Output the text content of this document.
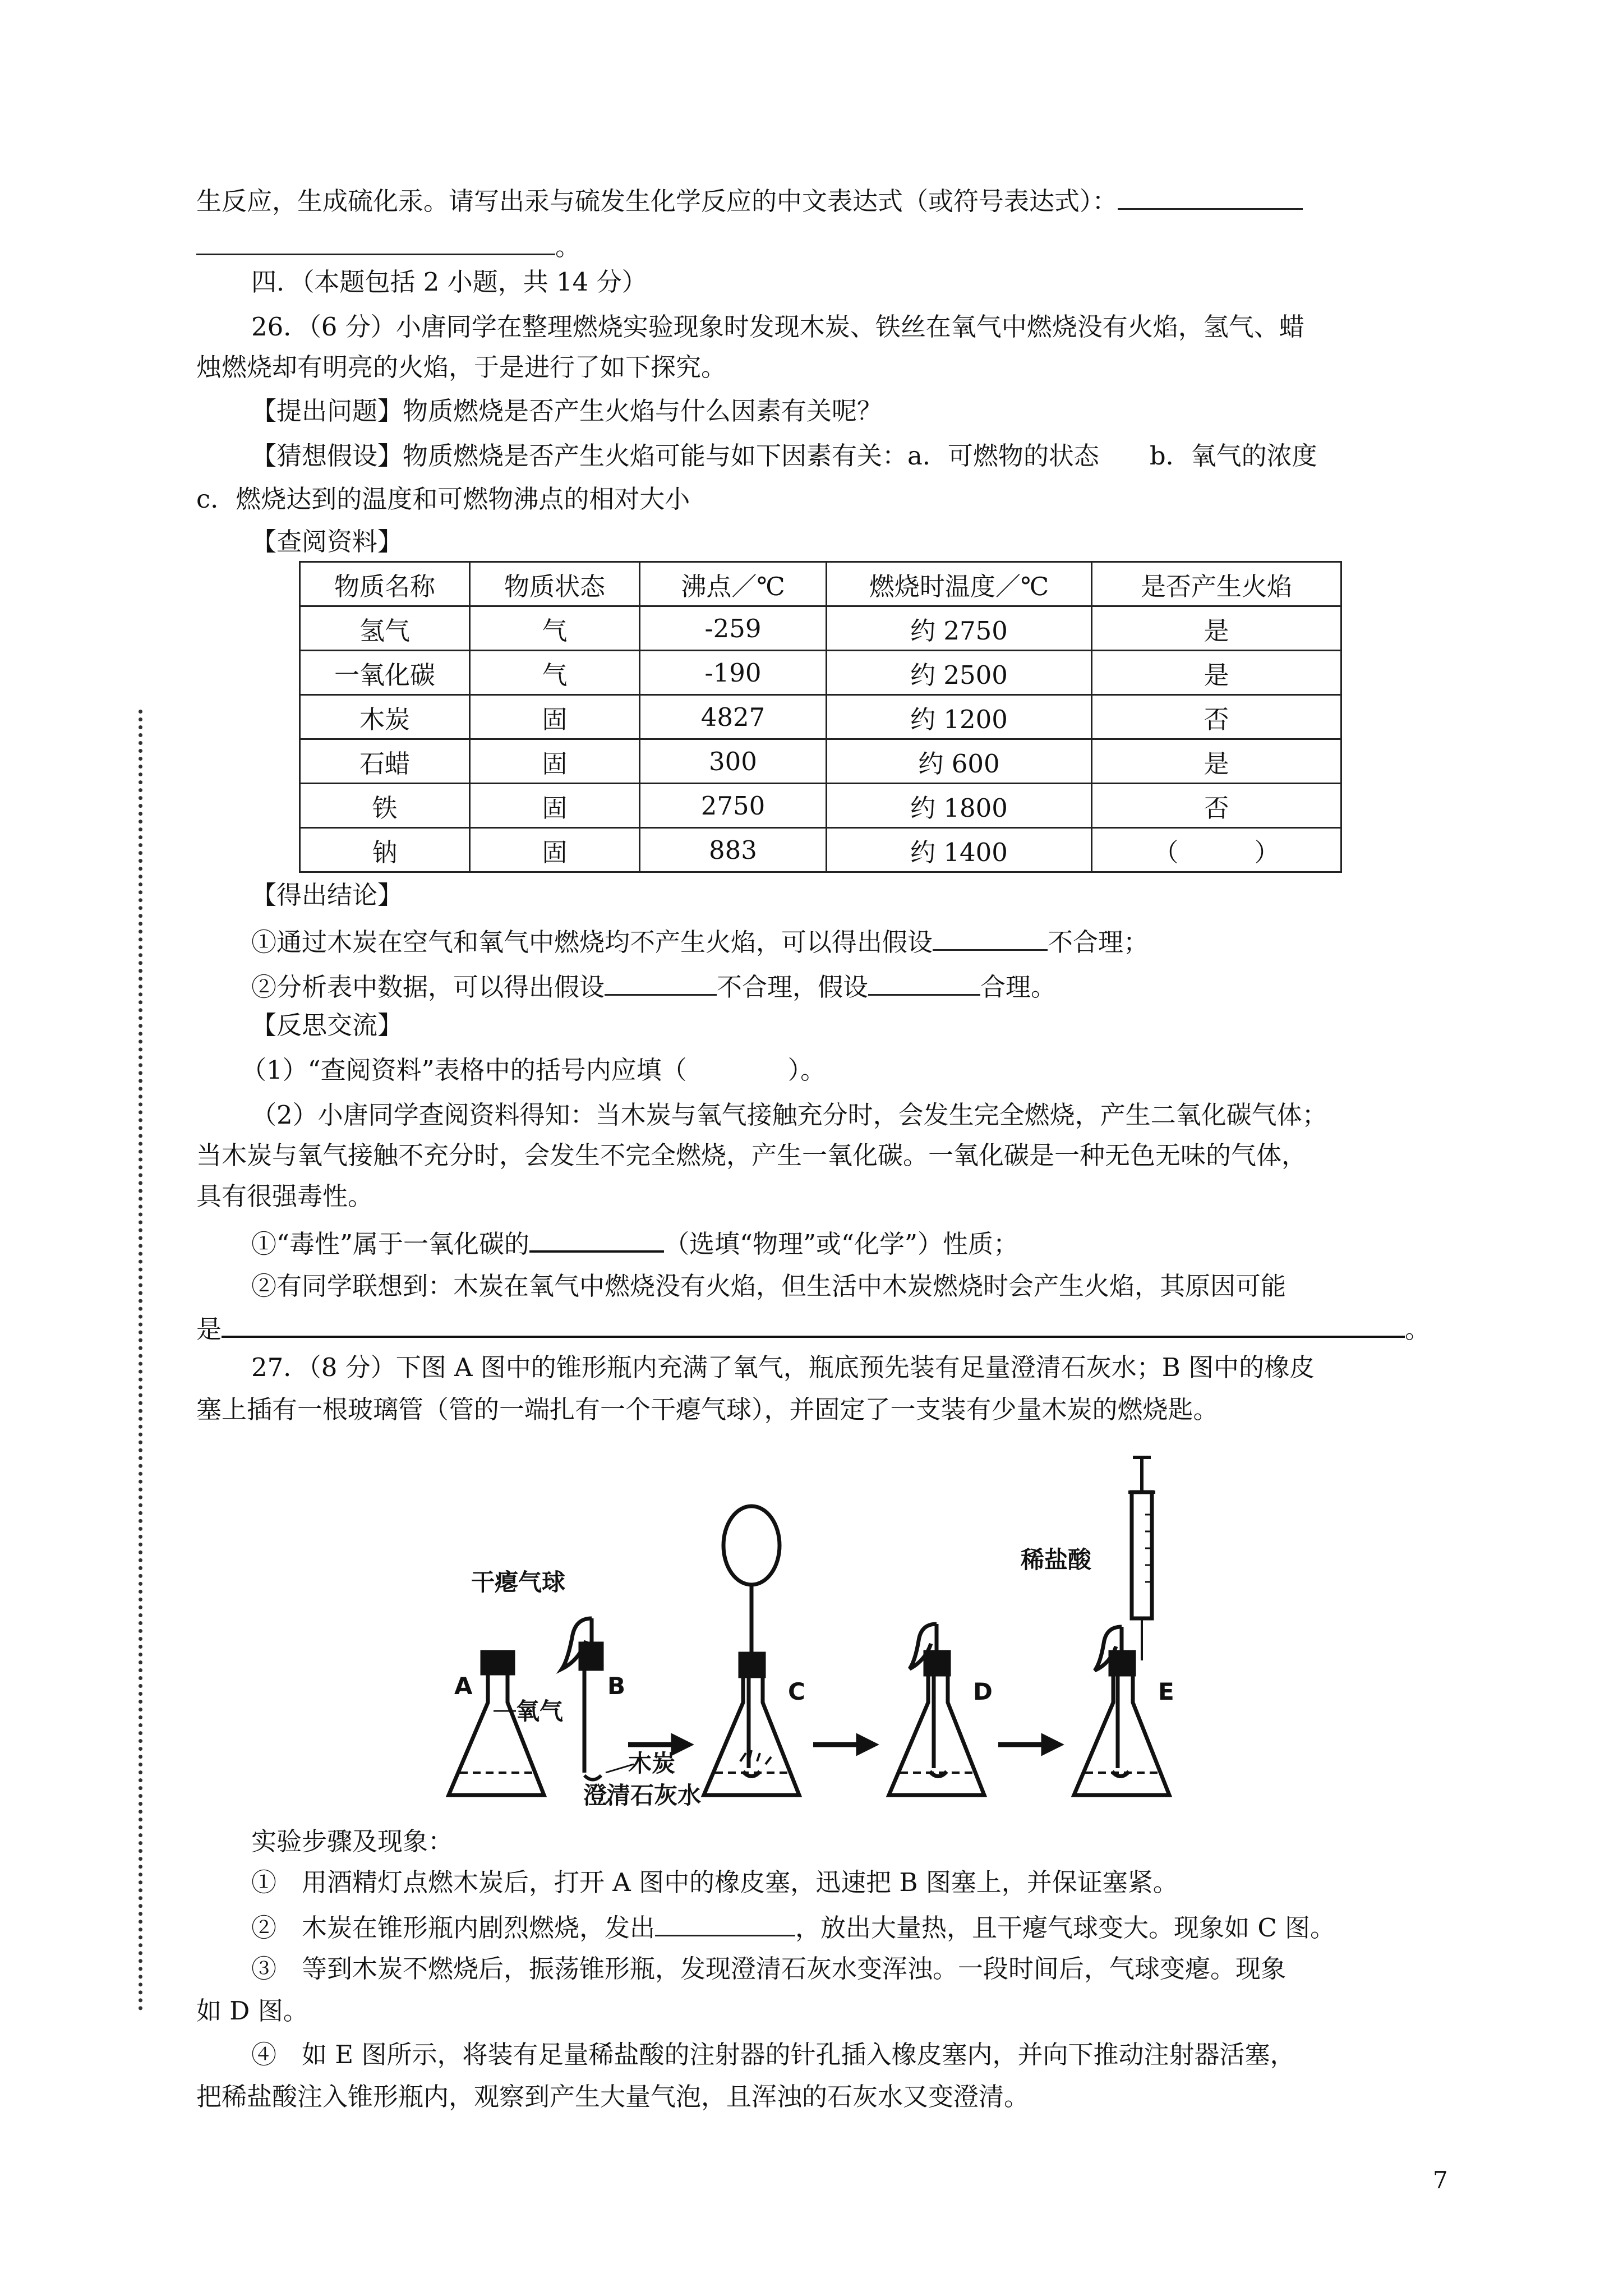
生反应，生成硫化汞。请写出汞与硫发生化学反应的中文表达式（或符号表达式）：
。
四．（本题包括 2 小题，共 14 分）
26．（6 分）小唐同学在整理燃烧实验现象时发现木炭、铁丝在氧气中燃烧没有火焰，氢气、蜡
烛燃烧却有明亮的火焰，于是进行了如下探究。
【提出问题】物质燃烧是否产生火焰与什么因素有关呢？
【猜想假设】物质燃烧是否产生火焰可能与如下因素有关：a．可燃物的状态　　b．氧气的浓度
c．燃烧达到的温度和可燃物沸点的相对大小
【查阅资料】
物质名称	物质状态	沸点／℃	燃烧时温度／℃	是否产生火焰
氢气	气	-259	约 2750	是
一氧化碳	气	-190	约 2500	是
木炭	固	4827	约 1200	否
石蜡	固	300	约 600	是
铁	固	2750	约 1800	否
钠	固	883	约 1400	（　　　）
【得出结论】
①通过木炭在空气和氧气中燃烧均不产生火焰，可以得出假设	不合理；
②分析表中数据，可以得出假设	不合理，假设	合理。
【反思交流】
（1）“查阅资料”表格中的括号内应填（　　　　）。
（2）小唐同学查阅资料得知：当木炭与氧气接触充分时，会发生完全燃烧，产生二氧化碳气体；
当木炭与氧气接触不充分时，会发生不完全燃烧，产生一氧化碳。一氧化碳是一种无色无味的气体，
具有很强毒性。
①“毒性”属于一氧化碳的	（选填“物理”或“化学”）性质；
②有同学联想到：木炭在氧气中燃烧没有火焰，但生活中木炭燃烧时会产生火焰，其原因可能
是	。
27．（8 分）下图 A 图中的锥形瓶内充满了氧气，瓶底预先装有足量澄清石灰水；B 图中的橡皮
塞上插有一根玻璃管（管的一端扎有一个干瘪气球），并固定了一支装有少量木炭的燃烧匙。
干瘪气球
A
氧气
B
木炭
澄清石灰水
C	D
稀盐酸
E
实验步骤及现象：
①　用酒精灯点燃木炭后，打开 A 图中的橡皮塞，迅速把 B 图塞上，并保证塞紧。
②　木炭在锥形瓶内剧烈燃烧，发出	，放出大量热，且干瘪气球变大。现象如 C 图。
③　等到木炭不燃烧后，振荡锥形瓶，发现澄清石灰水变浑浊。一段时间后，气球变瘪。现象
如 D 图。
④　如 E 图所示，将装有足量稀盐酸的注射器的针孔插入橡皮塞内，并向下推动注射器活塞，
把稀盐酸注入锥形瓶内，观察到产生大量气泡，且浑浊的石灰水又变澄清。
7
